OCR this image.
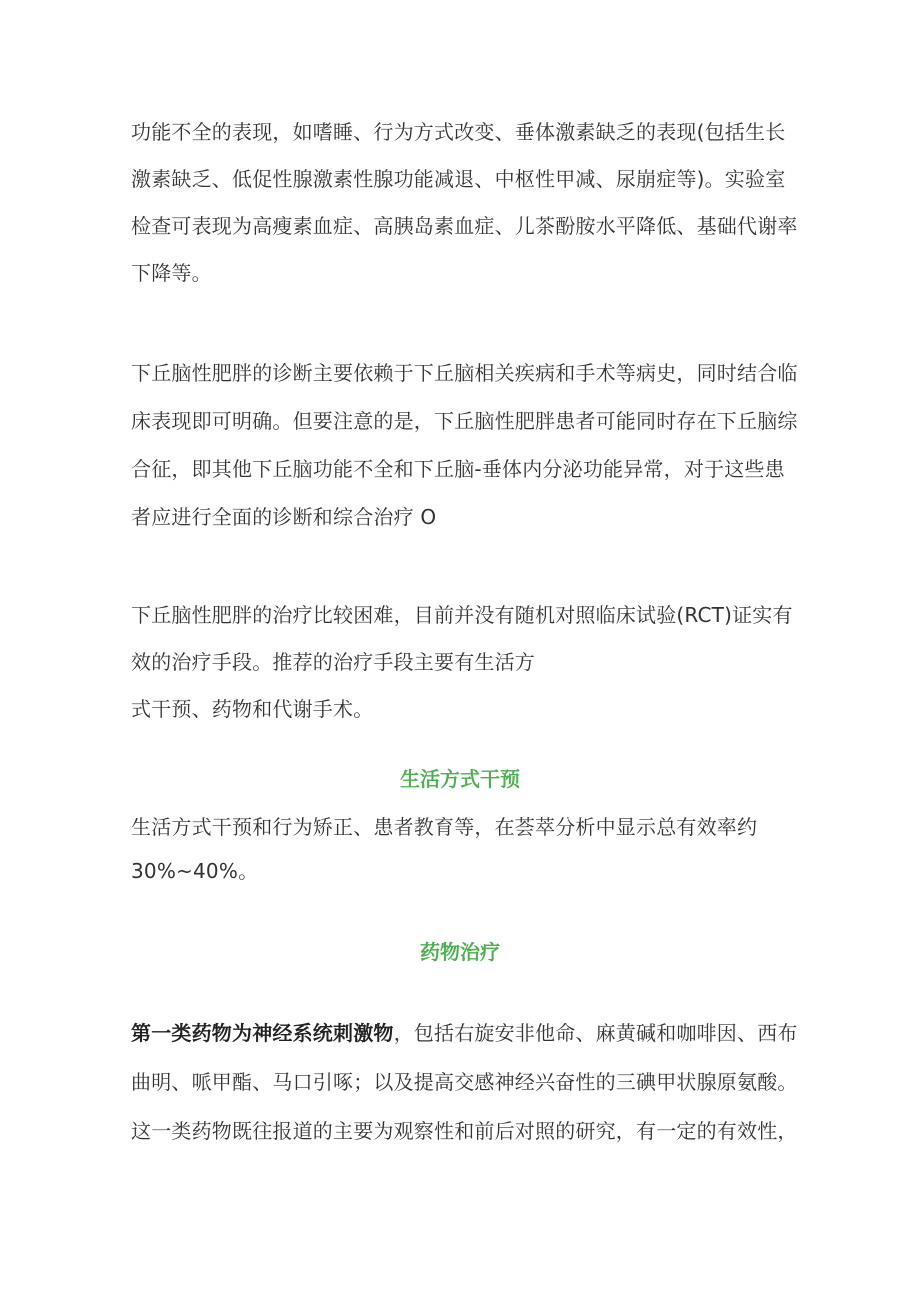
功能不全的表现，如嗜睡、行为方式改变、垂体激素缺乏的表现(包括生长
激素缺乏、低促性腺激素性腺功能减退、中枢性甲减、尿崩症等)。实验室
检查可表现为高瘦素血症、高胰岛素血症、儿茶酚胺水平降低、基础代谢率
下降等。
下丘脑性肥胖的诊断主要依赖于下丘脑相关疾病和手术等病史，同时结合临
床表现即可明确。但要注意的是，下丘脑性肥胖患者可能同时存在下丘脑综
合征，即其他下丘脑功能不全和下丘脑-垂体内分泌功能异常，对于这些患
者应进行全面的诊断和综合治疗 O
下丘脑性肥胖的治疗比较困难，目前并没有随机对照临床试验(RCT)证实有
效的治疗手段。推荐的治疗手段主要有生活方
式干预、药物和代谢手术。
生活方式干预
生活方式干预和行为矫正、患者教育等，在荟萃分析中显示总有效率约
30%~40%。
药物治疗
第一类药物为神经系统刺激物，包括右旋安非他命、麻黄碱和咖啡因、西布
曲明、哌甲酯、马口引啄；以及提高交感神经兴奋性的三碘甲状腺原氨酸。
这一类药物既往报道的主要为观察性和前后对照的研究，有一定的有效性，
